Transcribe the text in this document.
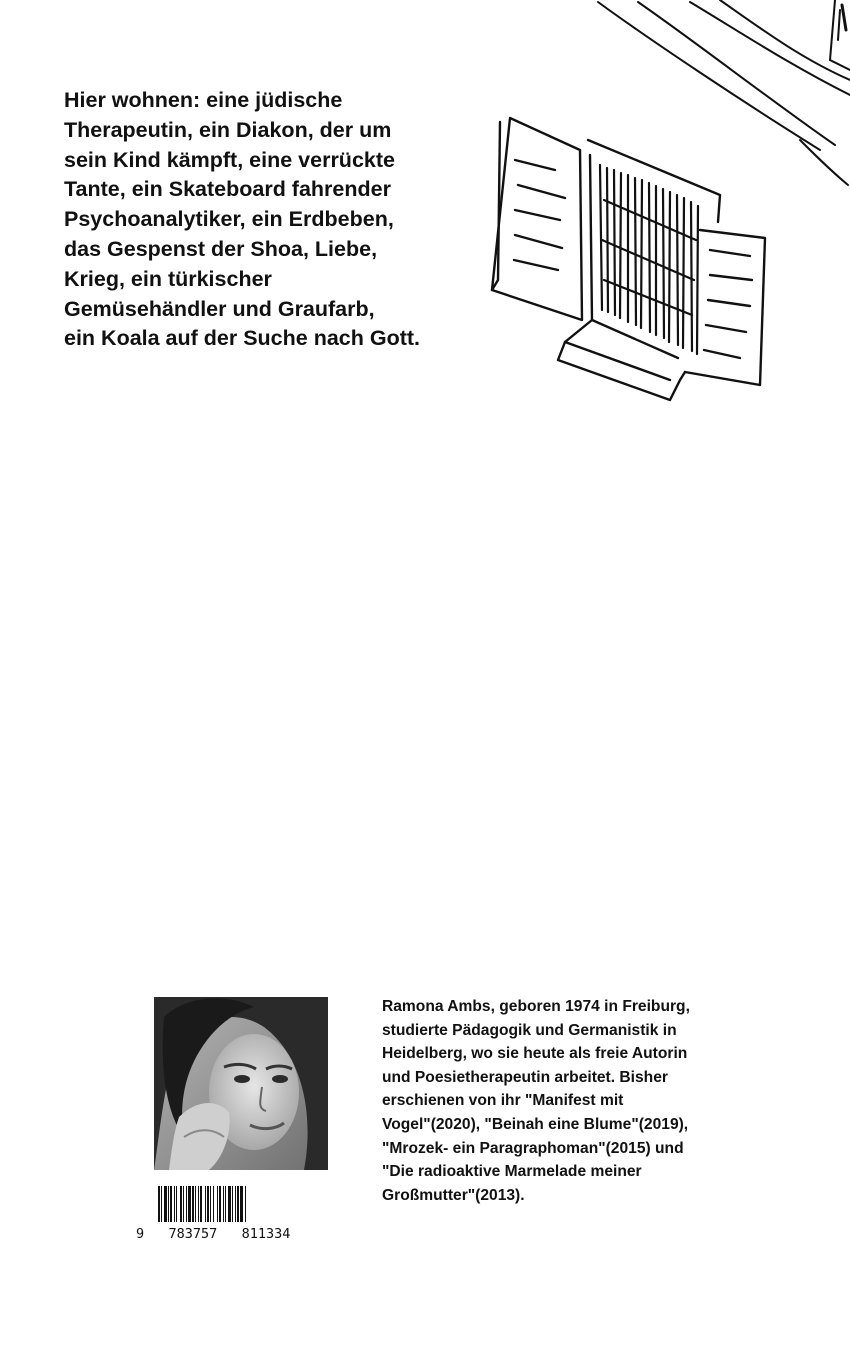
Hier wohnen: eine jüdische
Therapeutin, ein Diakon, der um
sein Kind kämpft, eine verrückte
Tante, ein Skateboard fahrender
Psychoanalytiker, ein Erdbeben,
das Gespenst der Shoa, Liebe,
Krieg, ein türkischer
Gemüsehändler und Graufarb,
ein Koala auf der Suche nach Gott.

9   783757   811334

Ramona Ambs, geboren 1974 in Freiburg,
studierte Pädagogik und Germanistik in
Heidelberg, wo sie heute als freie Autorin
und Poesietherapeutin arbeitet. Bisher
erschienen von ihr "Manifest mit
Vogel"(2020), "Beinah eine Blume"(2019),
"Mrozek- ein Paragraphoman"(2015) und
"Die radioaktive Marmelade meiner
Großmutter"(2013).
